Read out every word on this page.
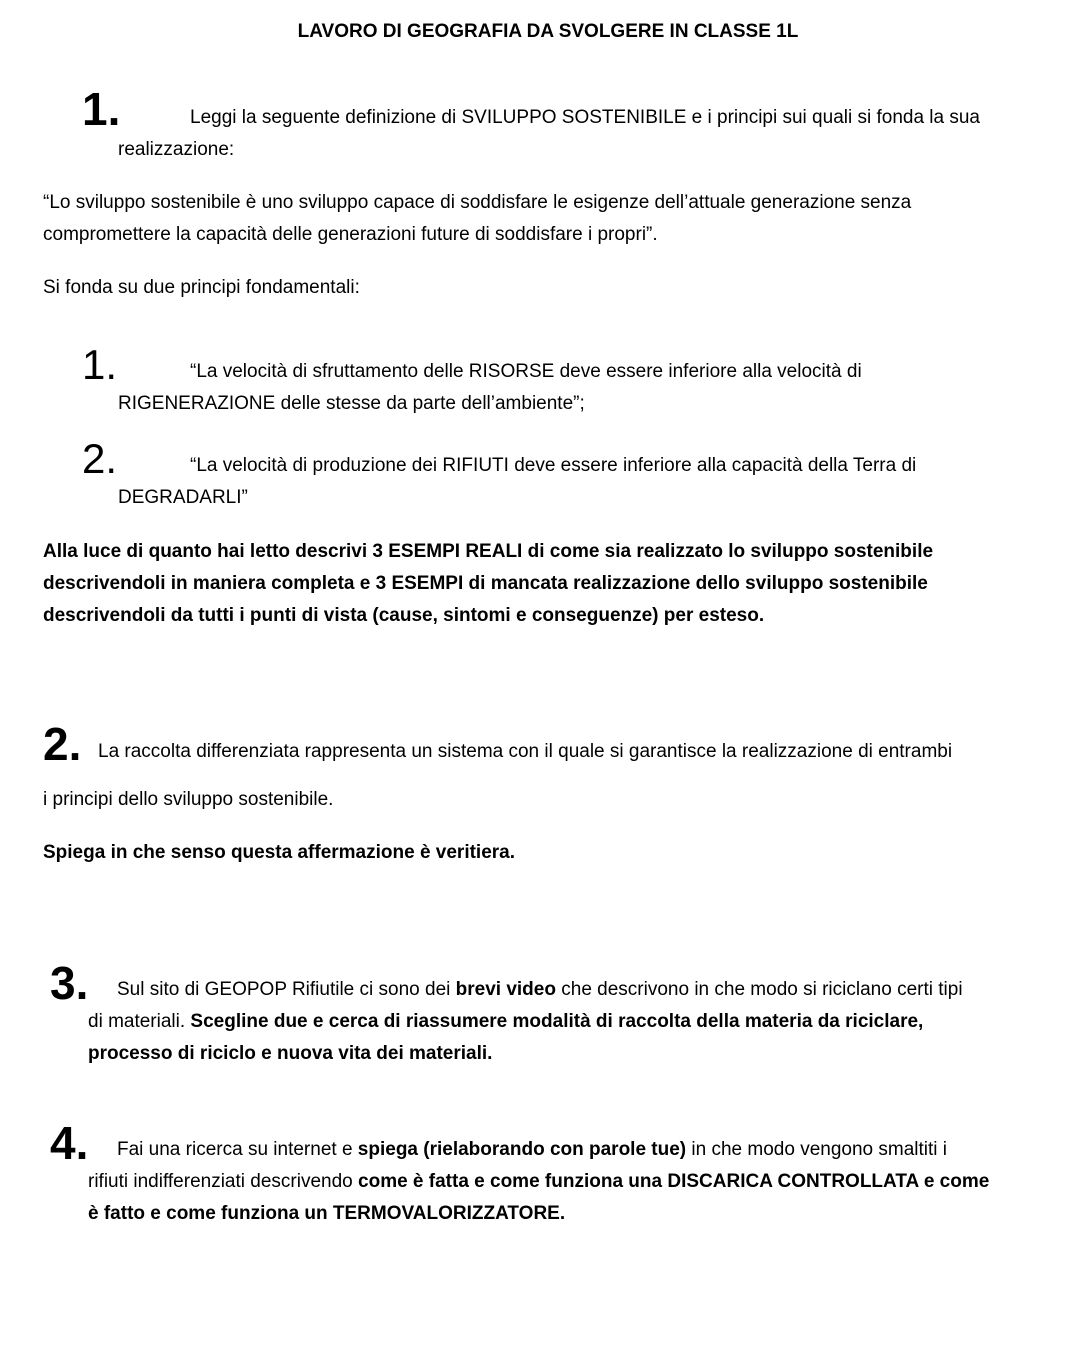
LAVORO DI GEOGRAFIA DA SVOLGERE IN CLASSE 1L
1.	Leggi la seguente definizione di SVILUPPO SOSTENIBILE e i principi sui quali si fonda la sua
realizzazione:
“Lo sviluppo sostenibile è uno sviluppo capace di soddisfare le esigenze dell’attuale generazione senza
compromettere la capacità delle generazioni future di soddisfare i propri”.
Si fonda su due principi fondamentali:
1.	“La velocità di sfruttamento delle RISORSE deve essere inferiore alla velocità di
RIGENERAZIONE delle stesse da parte dell’ambiente”;
2.	“La velocità di produzione dei RIFIUTI deve essere inferiore alla capacità della Terra di
DEGRADARLI”
Alla luce di quanto hai letto descrivi 3 ESEMPI REALI di come sia realizzato lo sviluppo sostenibile
descrivendoli in maniera completa e 3 ESEMPI di mancata realizzazione dello sviluppo sostenibile
descrivendoli da tutti i punti di vista (cause, sintomi e conseguenze) per esteso.
2. La raccolta differenziata rappresenta un sistema con il quale si garantisce la realizzazione di entrambi
i principi dello sviluppo sostenibile.
Spiega in che senso questa affermazione è veritiera.
3. Sul sito di GEOPOP Rifiutile ci sono dei brevi video che descrivono in che modo si riciclano certi tipi
di materiali. Scegline due e cerca di riassumere modalità di raccolta della materia da riciclare,
processo di riciclo e nuova vita dei materiali.
4. Fai una ricerca su internet e spiega (rielaborando con parole tue) in che modo vengono smaltiti i
rifiuti indifferenziati descrivendo come è fatta e come funziona una DISCARICA CONTROLLATA e come
è fatto e come funziona un TERMOVALORIZZATORE.
